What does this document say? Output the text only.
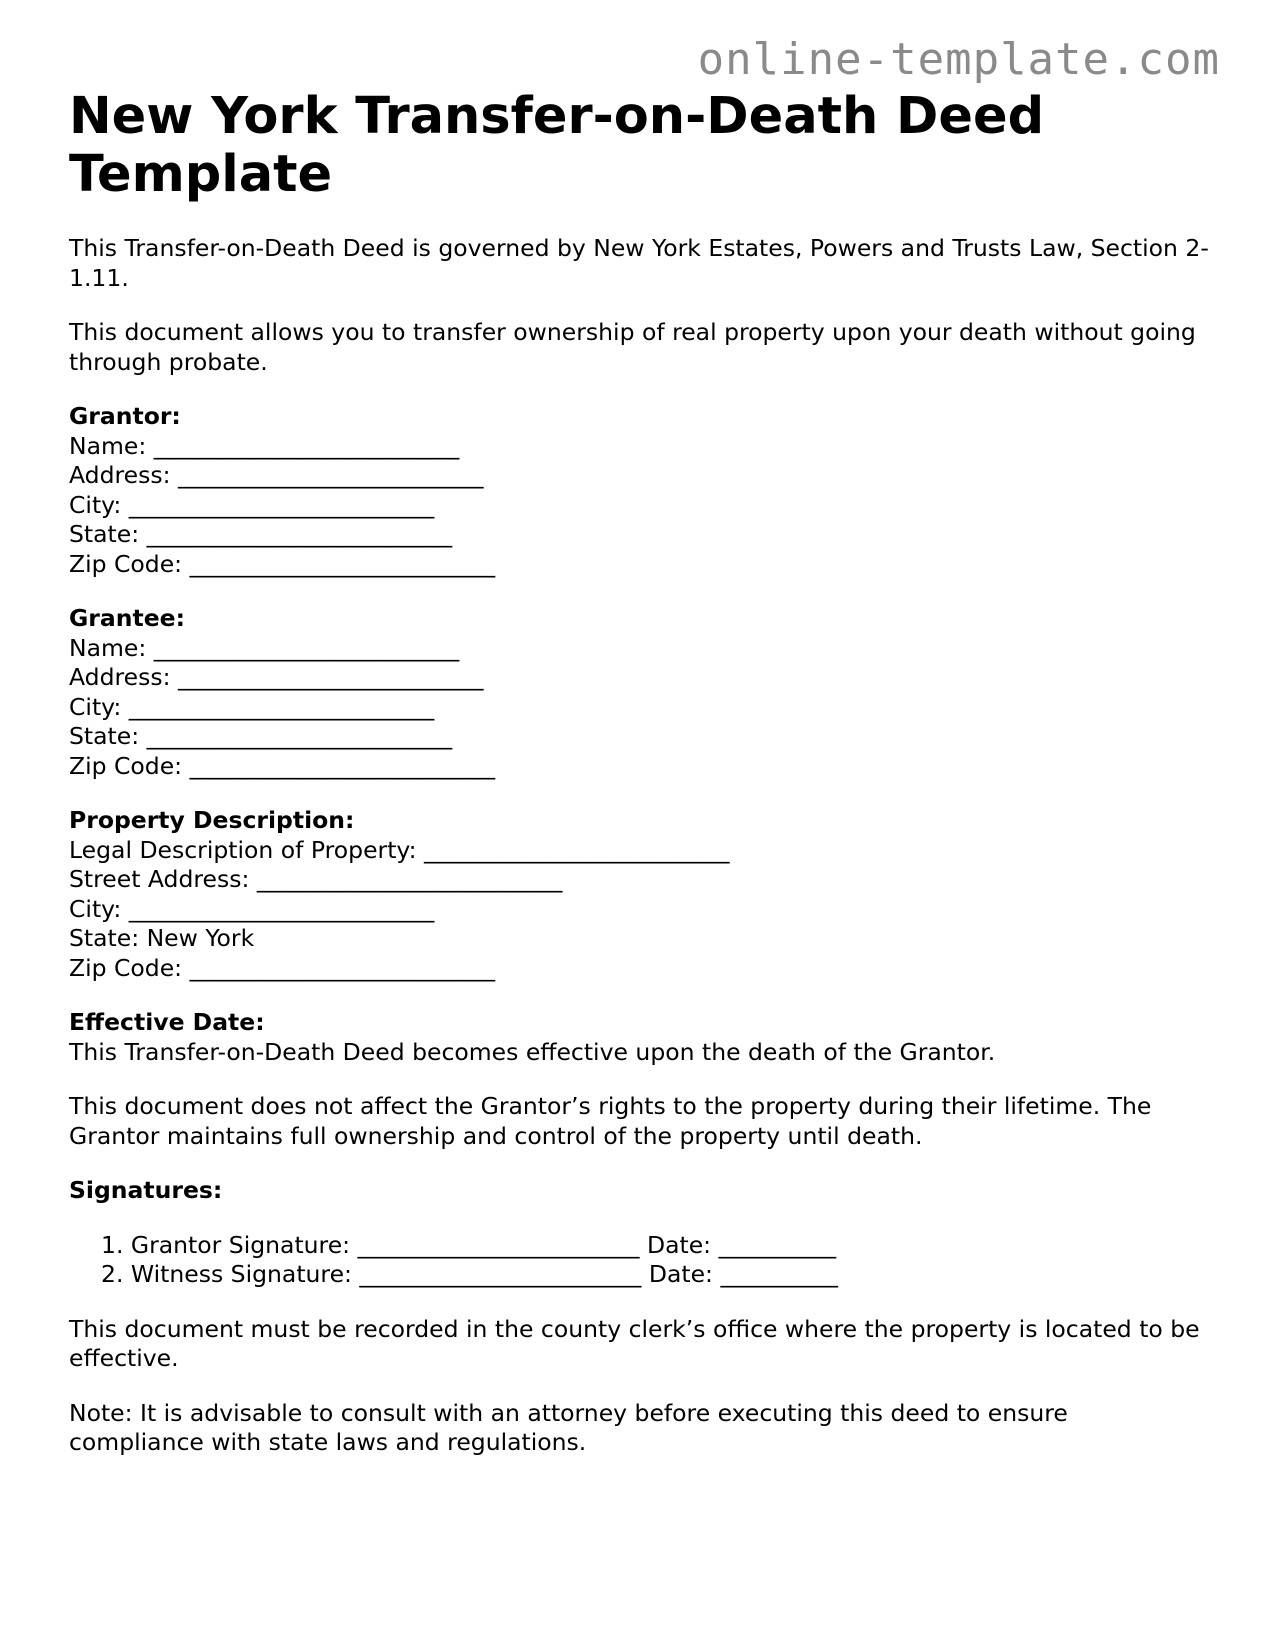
online-template.com
New York Transfer-on-Death Deed Template

This Transfer-on-Death Deed is governed by New York Estates, Powers and Trusts Law, Section 2-1.11.

This document allows you to transfer ownership of real property upon your death without going through probate.

Grantor:
Name: __________________________
Address: __________________________
City: __________________________
State: __________________________
Zip Code: __________________________
Grantee:
Name: __________________________
Address: __________________________
City: __________________________
State: __________________________
Zip Code: __________________________
Property Description:
Legal Description of Property: __________________________
Street Address: __________________________
City: __________________________
State: New York
Zip Code: __________________________
Effective Date:
This Transfer-on-Death Deed becomes effective upon the death of the Grantor.

This document does not affect the Grantor’s rights to the property during their lifetime. The Grantor maintains full ownership and control of the property until death.

Signatures:
1. Grantor Signature: ________________________ Date: __________
2. Witness Signature: ________________________ Date: __________

This document must be recorded in the county clerk’s office where the property is located to be effective.

Note: It is advisable to consult with an attorney before executing this deed to ensure compliance with state laws and regulations.
